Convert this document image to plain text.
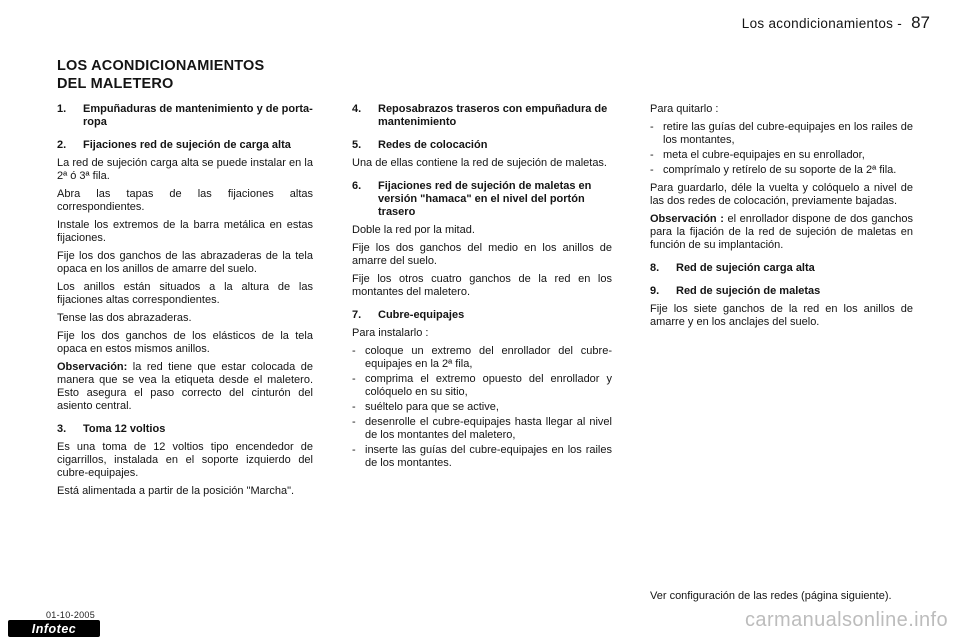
Los acondicionamientos - 87
LOS ACONDICIONAMIENTOS
DEL MALETERO
1.	Empuñaduras de mantenimiento y de porta-ropa
2.	Fijaciones red de sujeción de carga alta

La red de sujeción carga alta se puede instalar en la 2ª ó 3ª fila.

Abra las tapas de las fijaciones altas correspondientes.

Instale los extremos de la barra metálica en estas fijaciones.

Fije los dos ganchos de las abrazaderas de la tela opaca en los anillos de amarre del suelo.

Los anillos están situados a la altura de las fijaciones altas correspondientes.

Tense las dos abrazaderas.

Fije los dos ganchos de los elásticos de la tela opaca en estos mismos anillos.

Observación: la red tiene que estar colocada de manera que se vea la etiqueta desde el maletero. Esto asegura el paso correcto del cinturón del asiento central.

3.	Toma 12 voltios

Es una toma de 12 voltios tipo encendedor de cigarrillos, instalada en el soporte izquierdo del cubre-equipajes.

Está alimentada a partir de la posición "Marcha".

4.	Reposabrazos traseros con empuñadura de mantenimiento
5.	Redes de colocación

Una de ellas contiene la red de sujeción de maletas.

6.	Fijaciones red de sujeción de maletas en versión "hamaca" en el nivel del portón trasero

Doble la red por la mitad.

Fije los dos ganchos del medio en los anillos de amarre del suelo.

Fije los otros cuatro ganchos de la red en los montantes del maletero.

7.	Cubre-equipajes

Para instalarlo :

- coloque un extremo del enrollador del cubre-equipajes en la 2ª fila,
- comprima el extremo opuesto del enrollador y colóquelo en su sitio,
- suéltelo para que se active,
- desenrolle el cubre-equipajes hasta llegar al nivel de los montantes del maletero,
- inserte las guías del cubre-equipajes en los railes de los montantes.

Para quitarlo :

- retire las guías del cubre-equipajes en los railes de los montantes,
- meta el cubre-equipajes en su enrollador,
- comprímalo y retírelo de su soporte de la 2ª fila.

Para guardarlo, déle la vuelta y colóquelo a nivel de las dos redes de colocación, previamente bajadas.

Observación : el enrollador dispone de dos ganchos para la fijación de la red de sujeción de maletas en función de su implantación.

8.	Red de sujeción carga alta
9.	Red de sujeción de maletas

Fije los siete ganchos de la red en los anillos de amarre y en los anclajes del suelo.

Ver configuración de las redes (página siguiente).
01-10-2005
Infotec	carmanualsonline.info
